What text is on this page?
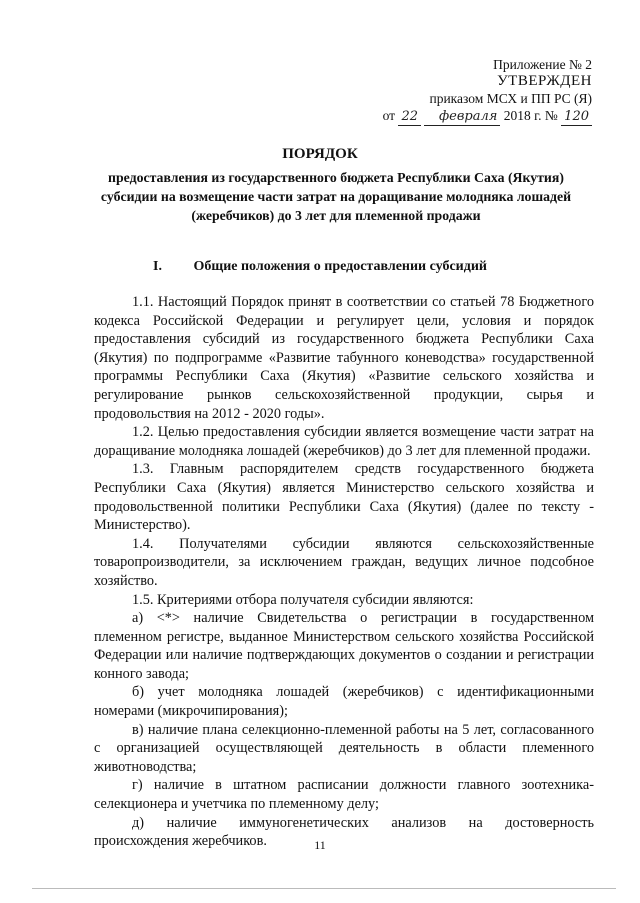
Приложение № 2
УТВЕРЖДЕН
приказом МСХ и ПП РС (Я)
от 22 февраля 2018 г. № 120
ПОРЯДОК
предоставления из государственного бюджета Республики Саха (Якутия) субсидии на возмещение части затрат на доращивание молодняка лошадей (жеребчиков) до 3 лет для племенной продажи
I. Общие положения о предоставлении субсидий

1.1. Настоящий Порядок принят в соответствии со статьей 78 Бюджетного кодекса Российской Федерации и регулирует цели, условия и порядок предоставления субсидий из государственного бюджета Республики Саха (Якутия) по подпрограмме «Развитие табунного коневодства» государственной программы Республики Саха (Якутия) «Развитие сельского хозяйства и регулирование рынков сельскохозяйственной продукции, сырья и продовольствия на 2012 - 2020 годы».

1.2. Целью предоставления субсидии является возмещение части затрат на доращивание молодняка лошадей (жеребчиков) до 3 лет для племенной продажи.

1.3. Главным распорядителем средств государственного бюджета Республики Саха (Якутия) является Министерство сельского хозяйства и продовольственной политики Республики Саха (Якутия) (далее по тексту - Министерство).

1.4. Получателями субсидии являются сельскохозяйственные товаропроизводители, за исключением граждан, ведущих личное подсобное хозяйство.

1.5. Критериями отбора получателя субсидии являются:

а) <*> наличие Свидетельства о регистрации в государственном племенном регистре, выданное Министерством сельского хозяйства Российской Федерации или наличие подтверждающих документов о создании и регистрации конного завода;

б) учет молодняка лошадей (жеребчиков) с идентификационными номерами (микрочипирования);

в) наличие плана селекционно-племенной работы на 5 лет, согласованного с организацией осуществляющей деятельность в области племенного животноводства;

г) наличие в штатном расписании должности главного зоотехника-селекционера и учетчика по племенному делу;

д) наличие иммуногенетических анализов на достоверность происхождения жеребчиков.	11
